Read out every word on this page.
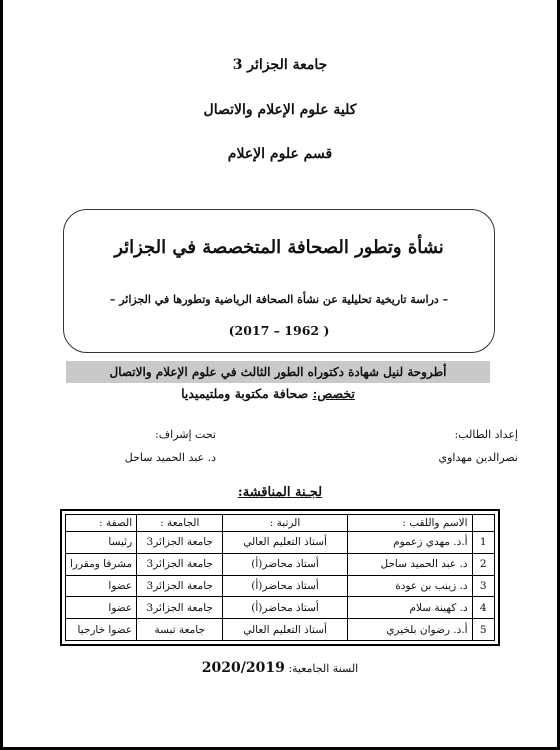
جامعة الجزائر 3
كلية علوم الإعلام والاتصال
قسم علوم الإعلام
نشأة وتطور الصحافة المتخصصة في الجزائر
– دراسة تاريخية تحليلية عن نشأة الصحافة الرياضية وتطورها في الجزائر –
( 1962 – 2017)
أطروحة لنيل شهادة دكتوراه الطور الثالث في علوم الإعلام والاتصال
تخصص: صحافة مكتوبة وملتيميديا
إعداد الطالب:
نصرالدين مهداوي
تحت إشراف:
د. عبد الحميد ساحل
لجـنة المناقشة:
	الاسم واللقب :	الرتبة :	الجامعة :	الصفة :
1	أ.د. مهدي زعموم	أستاذ التعليم العالي	جامعة الجزائر3	رئيسا
2	د. عبد الحميد ساحل	أستاذ محاضر(أ)	جامعة الجزائر3	مشرفا ومقررا
3	د. زينب بن عودة	أستاذ محاضر(أ)	جامعة الجزائر3	عضوا
4	د. كهينة سلام	أستاذ محاضر(أ)	جامعة الجزائر3	عضوا
5	أ.د. رضوان بلخيري	أستاذ التعليم العالي	جامعة تبسة	عضوا خارجيا
السنة الجامعية: 2020/2019
